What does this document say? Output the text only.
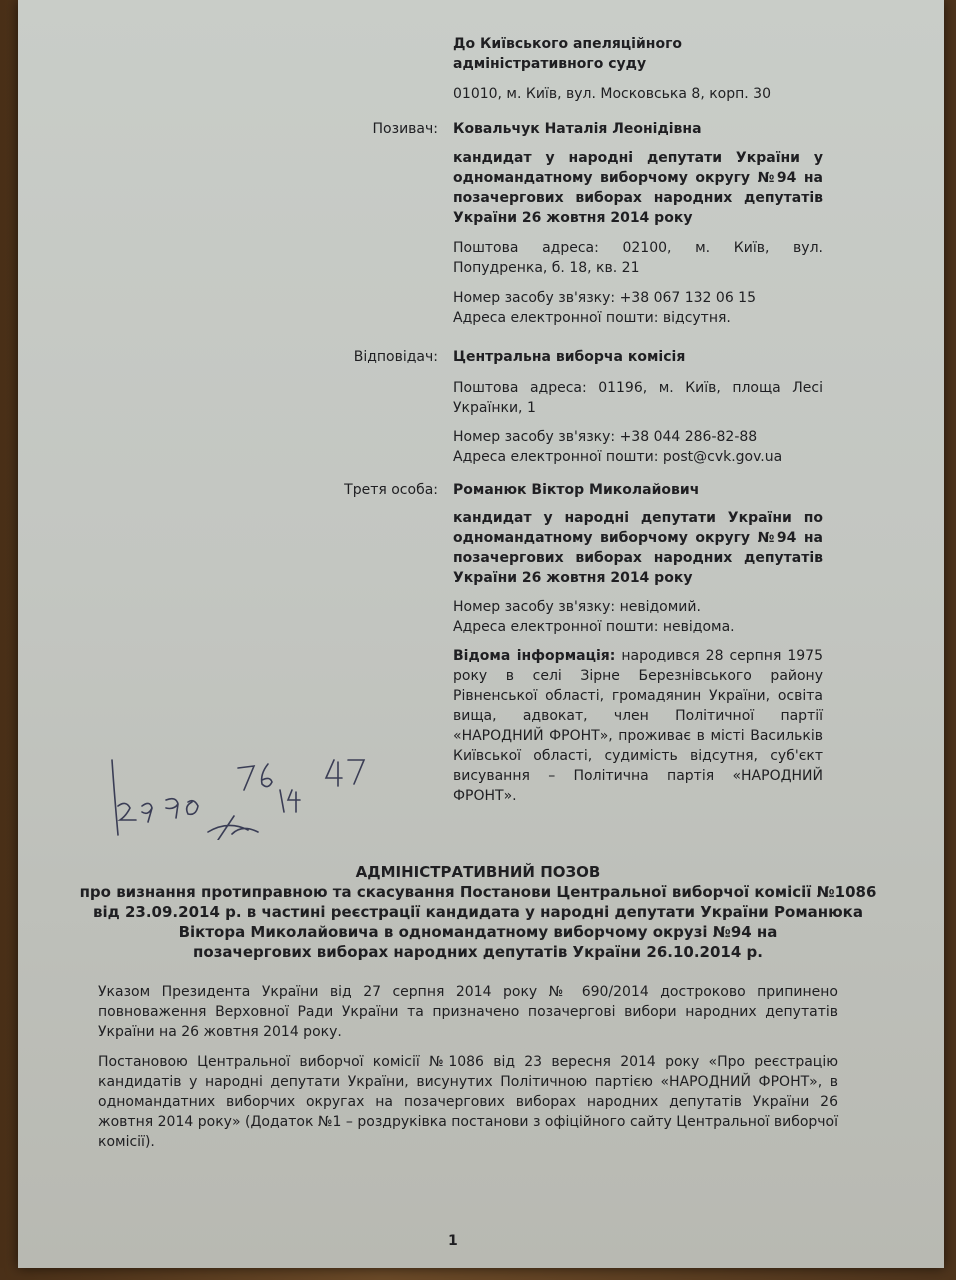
До Київського апеляційного
адміністративного суду
01010, м. Київ, вул. Московська 8, корп. 30
Позивач: Ковальчук Наталія Леонідівна
кандидат у народні депутати України у одномандатному виборчому округу №94 на позачергових виборах народних депутатів України 26 жовтня 2014 року
Поштова адреса: 02100, м. Київ, вул. Попудренка, б. 18, кв. 21
Номер засобу зв'язку: +38 067 132 06 15
Адреса електронної пошти: відсутня.
Відповідач: Центральна виборча комісія
Поштова адреса: 01196, м. Київ, площа Лесі Українки, 1
Номер засобу зв'язку: +38 044 286-82-88
Адреса електронної пошти: post@cvk.gov.ua
Третя особа: Романюк Віктор Миколайович
кандидат у народні депутати України по одномандатному виборчому округу №94 на позачергових виборах народних депутатів України 26 жовтня 2014 року
Номер засобу зв'язку: невідомий.
Адреса електронної пошти: невідома.
Відома інформація: народився 28 серпня 1975 року в селі Зірне Березнівського району Рівненської області, громадянин України, освіта вища, адвокат, член Політичної партії «НАРОДНИЙ ФРОНТ», проживає в місті Васильків Київської області, судимість відсутня, суб'єкт висування – Політична партія «НАРОДНИЙ ФРОНТ».
АДМІНІСТРАТИВНИЙ ПОЗОВ
про визнання протиправною та скасування Постанови Центральної виборчої комісії №1086
від 23.09.2014 р. в частині реєстрації кандидата у народні депутати України Романюка
Віктора Миколайовича в одномандатному виборчому окрузі №94 на
позачергових виборах народних депутатів України 26.10.2014 р.
Указом Президента України від 27 серпня 2014 року № 690/2014 достроково припинено повноваження Верховної Ради України та призначено позачергові вибори народних депутатів України на 26 жовтня 2014 року.
Постановою Центральної виборчої комісії №1086 від 23 вересня 2014 року «Про реєстрацію кандидатів у народні депутати України, висунутих Політичною партією «НАРОДНИЙ ФРОНТ», в одномандатних виборчих округах на позачергових виборах народних депутатів України 26 жовтня 2014 року» (Додаток №1 – роздруківка постанови з офіційного сайту Центральної виборчої комісії).
1
